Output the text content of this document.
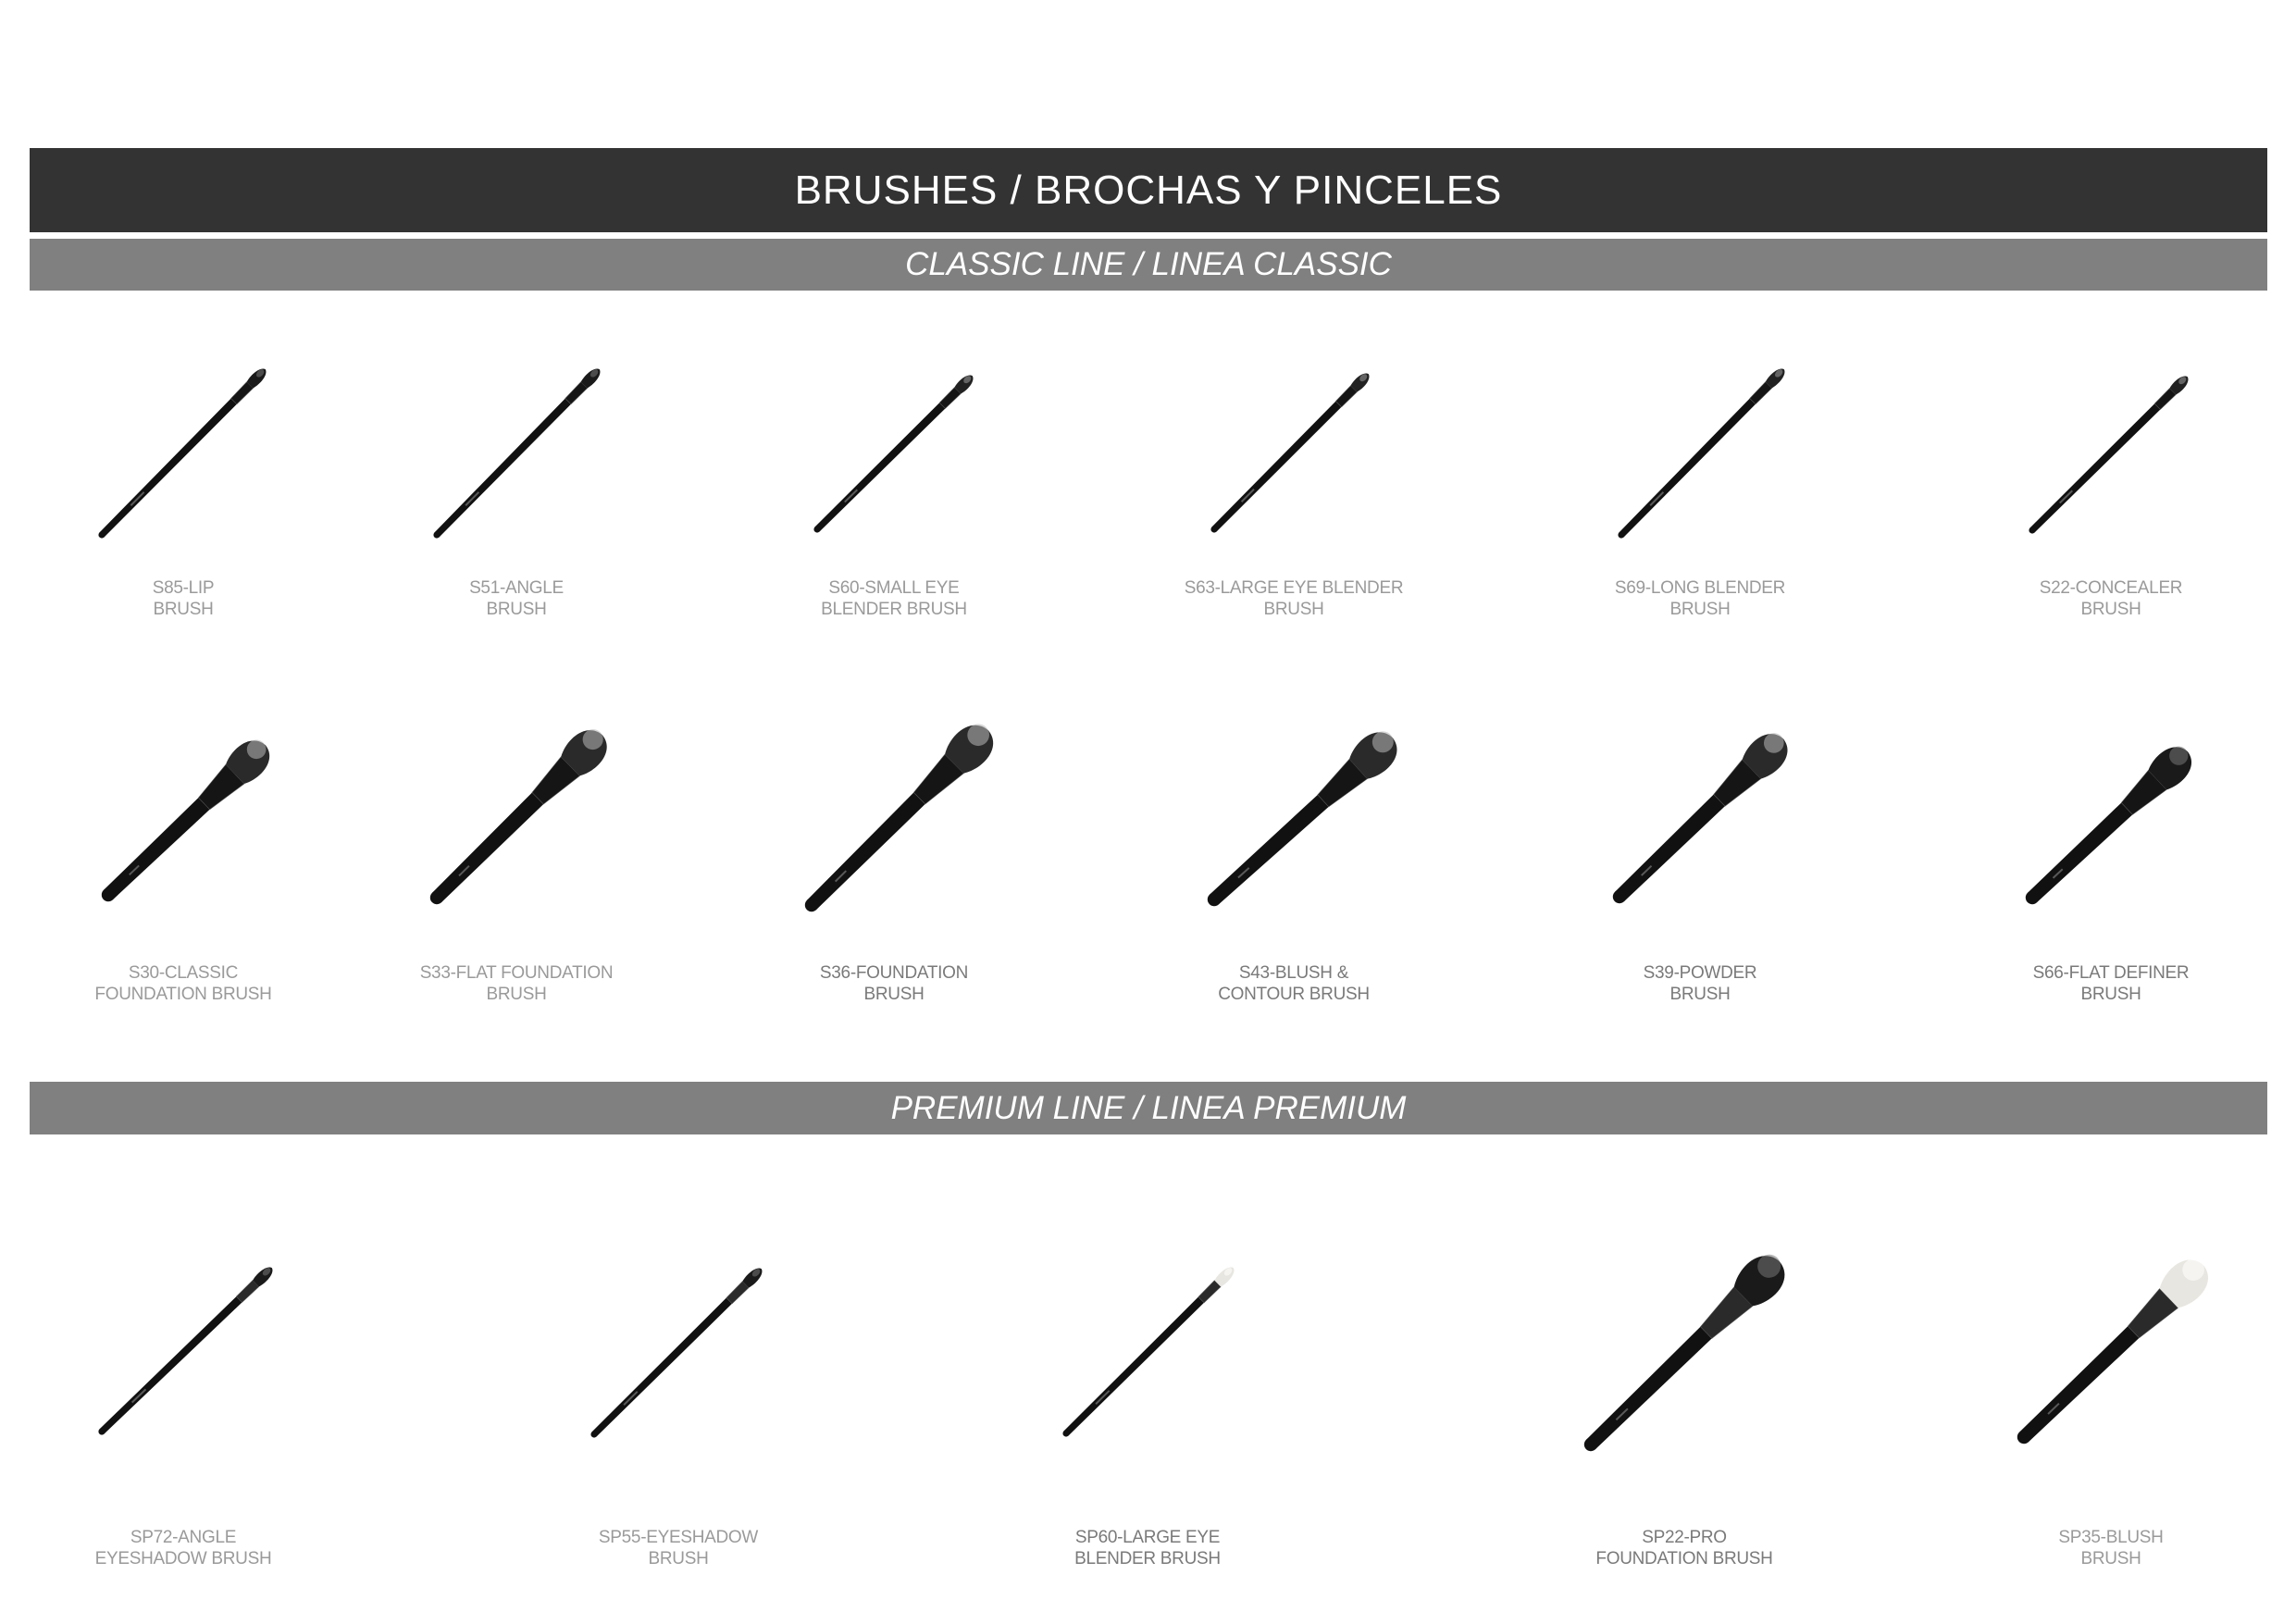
BRUSHES / BROCHAS Y PINCELES
CLASSIC LINE / LINEA CLASSIC
PREMIUM LINE / LINEA PREMIUM
S85-LIP
BRUSH
S51-ANGLE
BRUSH
S60-SMALL EYE
BLENDER BRUSH
S63-LARGE EYE BLENDER
BRUSH
S69-LONG BLENDER
BRUSH
S22-CONCEALER
BRUSH
S30-CLASSIC
FOUNDATION BRUSH
S33-FLAT FOUNDATION
BRUSH
S36-FOUNDATION
BRUSH
S43-BLUSH &
CONTOUR BRUSH
S39-POWDER
BRUSH
S66-FLAT DEFINER
BRUSH
SP72-ANGLE
EYESHADOW BRUSH
SP55-EYESHADOW
BRUSH
SP60-LARGE EYE
BLENDER BRUSH
SP22-PRO
FOUNDATION BRUSH
SP35-BLUSH
BRUSH
